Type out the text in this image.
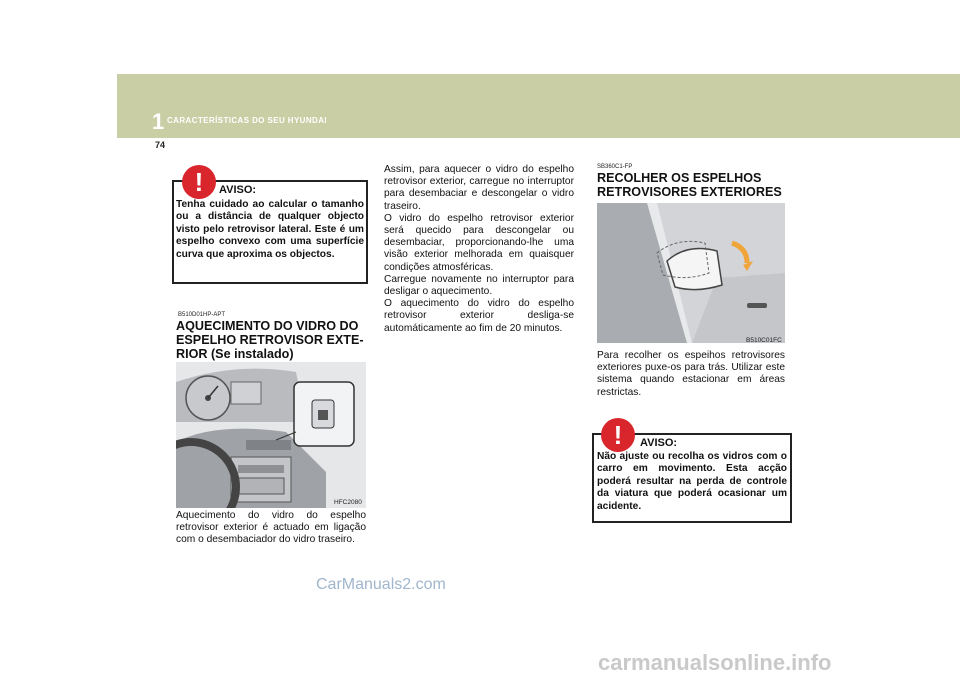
1 CARACTERÍSTICAS DO SEU HYUNDAI
74
!	AVISO:
Tenha cuidado ao calcular o tamanho ou a distância de qualquer objecto visto pelo retrovisor lateral. Este é um espelho convexo com uma superfície curva que aproxima os objectos.
B510D01HP-APT
AQUECIMENTO DO VIDRO DO ESPELHO RETROVISOR EXTE-RIOR (Se instalado)
HFC2080
Aquecimento do vidro do espelho retrovisor exterior é actuado em ligação com o desembaciador do vidro traseiro.
Assim, para aquecer o vidro do espelho retrovisor exterior, carregue no interruptor para desembaciar e descongelar o vidro traseiro.
O vidro do espelho retrovisor exterior será quecido para descongelar ou desembaciar, proporcionando-lhe uma visão exterior melhorada em quaisquer condições atmosféricas.
Carregue novamente no interruptor para desligar o aquecimento.
O aquecimento do vidro do espelho retrovisor exterior desliga-se automáticamente ao fim de 20 minutos.
SB360C1-FP
RECOLHER OS ESPELHOS RETROVISORES EXTERIORES
B510C01FC
Para recolher os espeihos retrovisores exteriores puxe-os para trás. Utilizar este sistema quando estacionar em áreas restrictas.
!	AVISO:
Não ajuste ou recolha os vidros com o carro em movimento. Esta acção poderá resultar na perda de controle da viatura que poderá ocasionar um acidente.
CarManuals2.com
carmanualsonline.info
